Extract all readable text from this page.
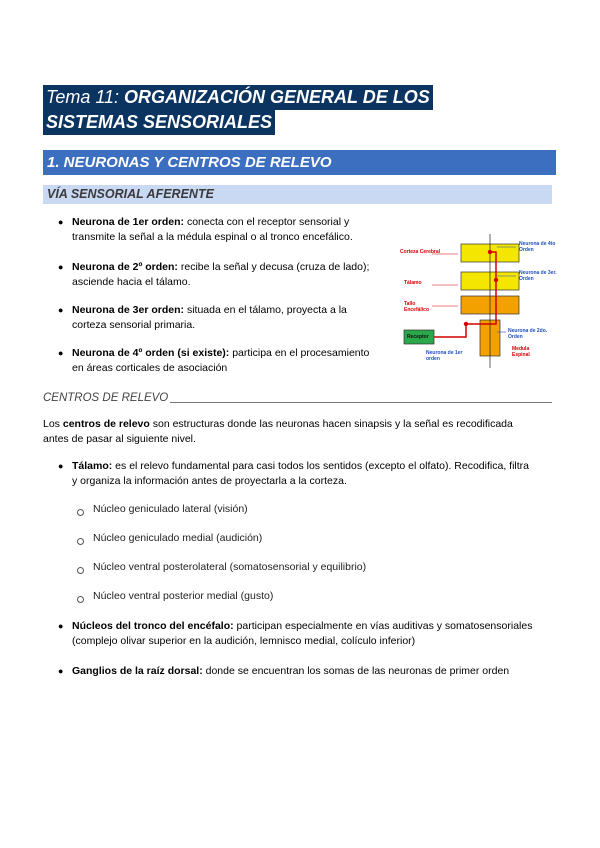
Tema 11: ORGANIZACIÓN GENERAL DE LOS
SISTEMAS SENSORIALES
1. NEURONAS Y CENTROS DE RELEVO
VÍA SENSORIAL AFERENTE
● Neurona de 1er orden: conecta con el receptor sensorial y
transmite la señal a la médula espinal o al tronco encefálico.
● Neurona de 2º orden: recibe la señal y decusa (cruza de lado);
asciende hacia el tálamo.
● Neurona de 3er orden: situada en el tálamo, proyecta a la
corteza sensorial primaria.
● Neurona de 4º orden (si existe): participa en el procesamiento
en áreas corticales de asociación
Corteza Cerebral
Tálamo
Tallo
Encefálico
Neurona de 4to
Orden
Neurona de 3er.
Orden
Neurona de 2do.
Orden
Medula
Espinal
Receptor
Neurona de 1er
orden
CENTROS DE RELEVO
Los centros de relevo son estructuras donde las neuronas hacen sinapsis y la señal es recodificada
antes de pasar al siguiente nivel.
● Tálamo: es el relevo fundamental para casi todos los sentidos (excepto el olfato). Recodifica, filtra
y organiza la información antes de proyectarla a la corteza.
Núcleo geniculado lateral (visión)
Núcleo geniculado medial (audición)
Núcleo ventral posterolateral (somatosensorial y equilibrio)
Núcleo ventral posterior medial (gusto)
● Núcleos del tronco del encéfalo: participan especialmente en vías auditivas y somatosensoriales
(complejo olivar superior en la audición, lemnisco medial, colículo inferior)
● Ganglios de la raíz dorsal: donde se encuentran los somas de las neuronas de primer orden
